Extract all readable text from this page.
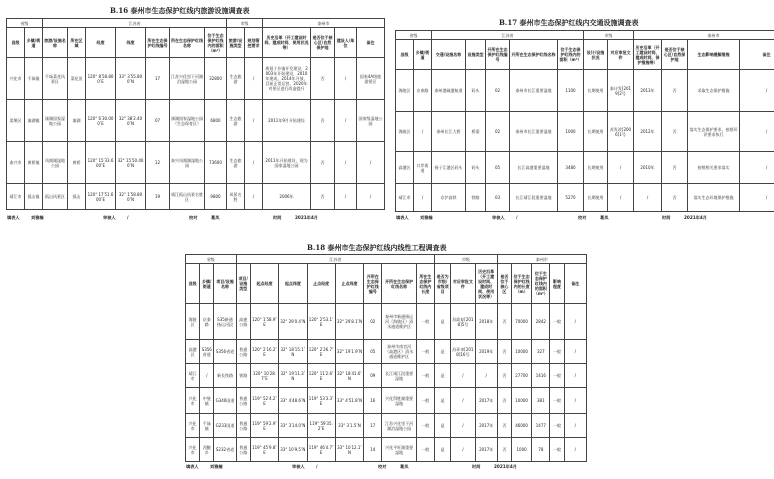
B.16 泰州市生态保护红线内旅游设施调查表
省级		江苏省							市级		泰州市			
县级	乡镇/街道	旅游/设施名称	所在区域	经度	纬度	所在生态保护红线编号	所在生态保护红线名称	位于生态保护红线内的面积（m²）	旅游/设施类型	规划管控要求	历史沿革（开工建设时间、建成时间、使用状况等）	是否位于核心区/自然保护地	建设人/单位	备注
兴化市	千垛镇	千垛菜花风景区	菜花田	120° 8′58.800″E	33° 3′55.800″N	17	江苏兴化里下河湖泊湿地公园	32800	生态旅游	/	规划于乡镇开发建设，2003年开始建设，2010年建成，2014年开放，目前正常运营，2020年对景区进行改造提升	否	/	国家4A级旅游景区
姜堰区	溱湖镇	溱湖国家湿地公园	溱湖	120° 6′30.000″E	32° 38′2.400″N	07	溱湖国家湿地公园（生态保育区）	6800	生态旅游	/	2011年9月开始建设	否	/	国家级湿地公园
泰兴市	黄桥镇	凤凰湖湿地公园	黄桥	120° 15′33.600″E	32° 15′50.400″N	12	泰兴凤凰湖湿地公园	73600	生态旅游	/	2011年开始建设，现为国家湿地公园	否	/	/
靖江市	孤山镇	孤山风景区	孤山	120° 17′51.600″E	32° 1′58.800″N	19	靖江孤山风景名胜区	9800	风景名胜	/	2006年	否	/	/
填表人	刘雅楠	审核人	/	校对	葛凤	时间	2021年4月
B.17 泰州市生态保护红线内交通设施调查表
省级		江苏省					市级		泰州市			
县级	乡镇/街道	交通/设施名称	设施类型	开所在生态保护红线编号	开所在生态保护红线名称	位于生态保护红线内的面积（m²）	设计/设施状况	对应审批文件	历史沿革（开工建设时间、建成时间、保护措施等）	是否位于核心区/自然保护地	生态影响缓解措施	备注
海陵区	京泰路	泰州港疏港航道	码头	02	泰州市长江重要湿地	1100	长期使用	泰计发[2019]2号	2013年	否	采取生态保护措施	/
海陵区	/	泰州长江大桥	桥梁	02	泰州市长江重要湿地	1000	长期使用	苏发改[2006]1号	2012年	否	落实生态保护要求，按照环评要求执行	/
高港区	口岸街道	扬子江港区码头	码头	05	长江高港重要湿地	3480	长期使用	/	2010年	否	按照相关要求落实	/
靖江市	/	京沪高铁	铁路	03	长江靖江段重要湿地	5270	长期使用	/	/	否	落实生态环境保护措施	/
填表人	刘雅楠	审核人	/	校对	葛凤	时间	2021年4月
B.18 泰州市生态保护红线内线性工程调查表
省级			江苏省								市级			泰州市				
县级	乡镇/街道	项目/设施名称	项目/设施类型	起点经度	起点纬度	止点经度	止点纬度	开所在生态保护红线编号	开所在生态保护红线名称	所在生态保护红线内长度	是否为市级/省级项目	对应审批文件	历史沿革（开工建设时间、建成时间、使用状况等）	是否位于核心区	位于生态保护红线内的长度（m）	位于生态保护红线内的面积（m²）	影响程度	备注
海陵区	京泰路	S35新通扬运河段	高速公路	120° 1′58.9″E	32° 29′0.4″N	120° 2′53.1″E	32° 29′8.1″N	02	泰州市新通扬运河（海陵区）清水通道维护区	一般	是	苏政复[2018]5号	2018年	否	70000	2842	一般	/
高港区	S356省道	S356省道	普通公路	120° 2′16.2″E	32° 18′15.1″N	120° 2′26.7″E	32° 19′1.9″N	05	泰州市南官河（高港区）清水通道维护区	一般	是	苏环审[2018]16号	2019年	否	10000	327	一般	/
靖江市	/	新长铁路	铁路	120° 10′28.7″E	32° 19′11.3″N	120° 11′2.6″E	32° 18′41.6″N	09	长江靖江段重要湿地	一般	是	/	/	否	27700	1416	一般	/
兴化市	中堡镇	G346国道	普通公路	119° 52′4.2″E	33° 4′48.6″N	119° 53′3.3″E	33° 4′51.8″N	16	兴化得胜湖重要湿地	一般	是	/	2017年	否	10000	381	一般	/
兴化市	千垛镇	G233国道	普通公路	119° 59′2.9″E	33° 3′14.0″N	119° 59′35.2″E	33° 3′1.5″N	17	江苏兴化里下河湖泊湿地公园	一般	是	/	2017年	否	46000	1477	一般	/
兴化市	西鲍乡	S232省道	普通公路	119° 45′9.8″E	33° 10′9.5″N	119° 46′4.7″E	33° 10′12.1″N	14	兴化平旺湖重要湿地	一般	是	/	2017年	否	1000	78	一般	/
填表人	刘雅楠	审核人	/	校对	葛凤	时间	2021年4月
